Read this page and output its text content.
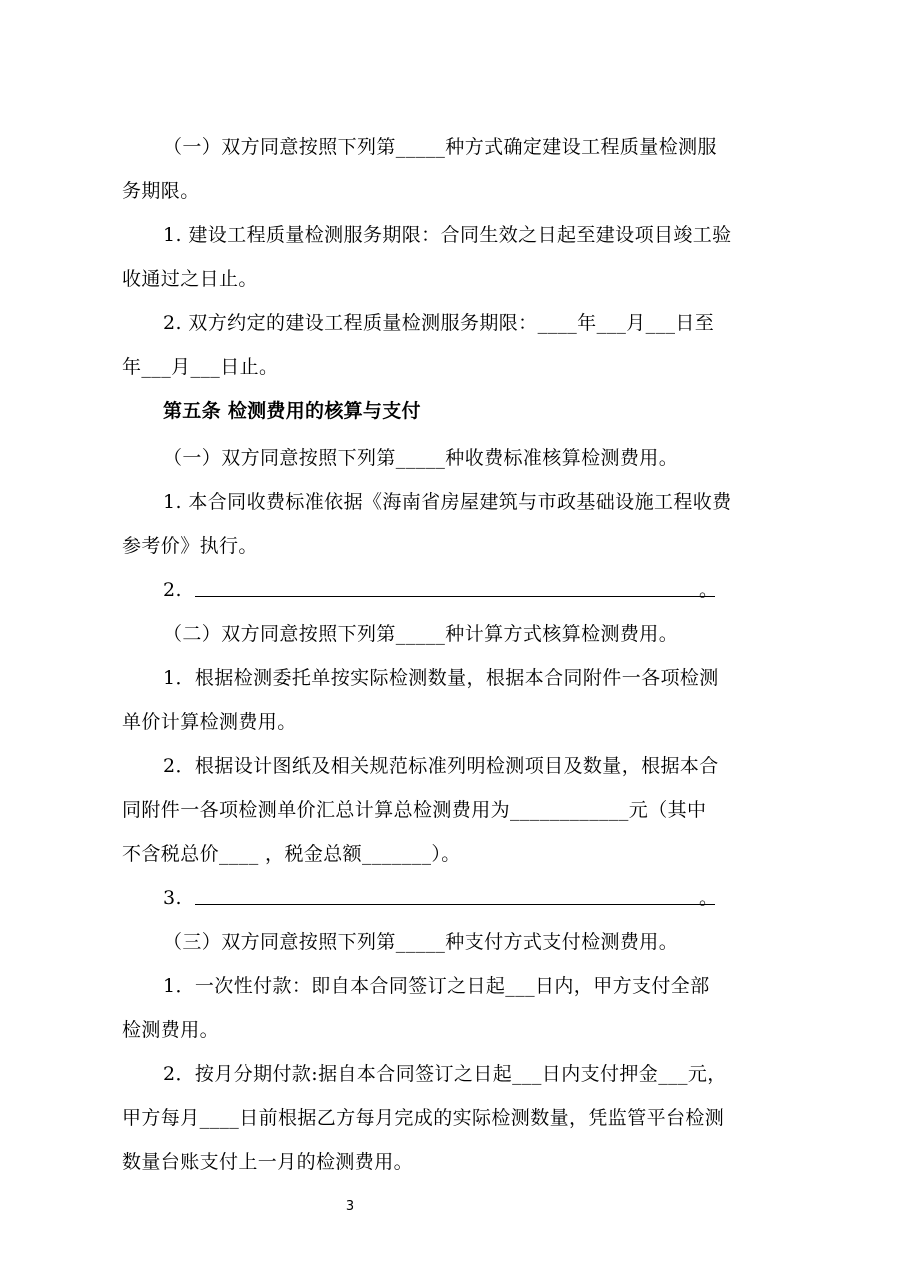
（一）双方同意按照下列第_____种方式确定建设工程质量检测服
务期限。
1. 建设工程质量检测服务期限：合同生效之日起至建设项目竣工验
收通过之日止。
2. 双方约定的建设工程质量检测服务期限：____年___月___日至
年___月___日止。
第五条 检测费用的核算与支付
（一）双方同意按照下列第_____种收费标准核算检测费用。
1. 本合同收费标准依据《海南省房屋建筑与市政基础设施工程收费
参考价》执行。
2.	。
（二）双方同意按照下列第_____种计算方式核算检测费用。
1．根据检测委托单按实际检测数量，根据本合同附件一各项检测
单价计算检测费用。
2．根据设计图纸及相关规范标准列明检测项目及数量，根据本合
同附件一各项检测单价汇总计算总检测费用为____________元（其中
不含税总价____ ，税金总额_______）。
3.	。
（三）双方同意按照下列第_____种支付方式支付检测费用。
1．一次性付款：即自本合同签订之日起___日内，甲方支付全部
检测费用。
2．按月分期付款:据自本合同签订之日起___日内支付押金___元，
甲方每月____日前根据乙方每月完成的实际检测数量，凭监管平台检测
数量台账支付上一月的检测费用。
3
